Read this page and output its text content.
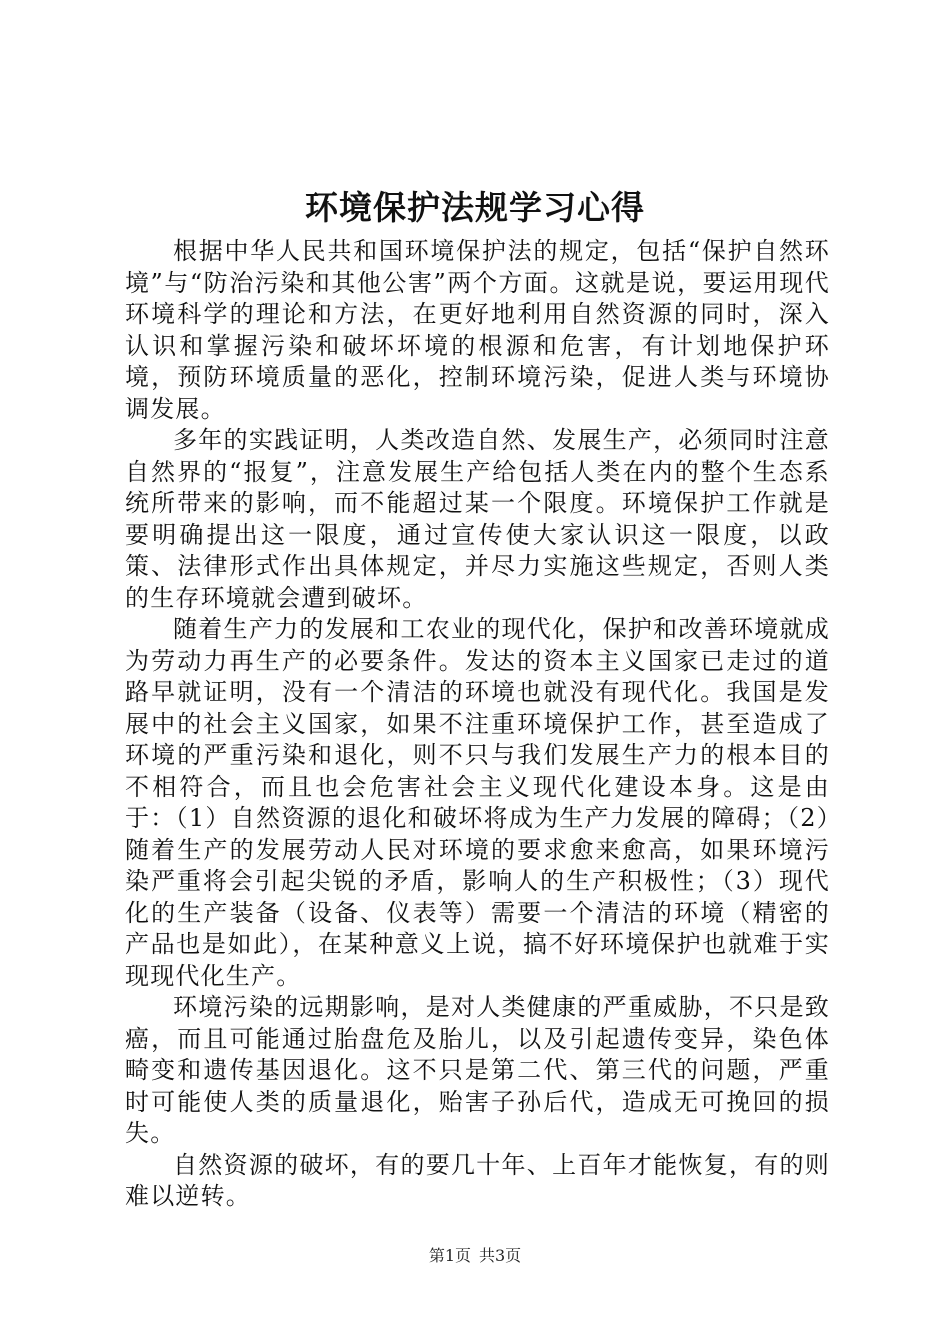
环境保护法规学习心得

根据中华人民共和国环境保护法的规定，包括“保护自然环境”与“防治污染和其他公害”两个方面。这就是说，要运用现代环境科学的理论和方法，在更好地利用自然资源的同时，深入认识和掌握污染和破坏坏境的根源和危害，有计划地保护环境，预防环境质量的恶化，控制环境污染，促进人类与环境协调发展。

多年的实践证明，人类改造自然、发展生产，必须同时注意自然界的“报复”，注意发展生产给包括人类在内的整个生态系统所带来的影响，而不能超过某一个限度。环境保护工作就是要明确提出这一限度，通过宣传使大家认识这一限度，以政策、法律形式作出具体规定，并尽力实施这些规定，否则人类的生存环境就会遭到破坏。

随着生产力的发展和工农业的现代化，保护和改善环境就成为劳动力再生产的必要条件。发达的资本主义国家已走过的道路早就证明，没有一个清洁的环境也就没有现代化。我国是发展中的社会主义国家，如果不注重环境保护工作，甚至造成了环境的严重污染和退化，则不只与我们发展生产力的根本目的不相符合，而且也会危害社会主义现代化建设本身。这是由于：（1）自然资源的退化和破坏将成为生产力发展的障碍；（2）随着生产的发展劳动人民对环境的要求愈来愈高，如果环境污染严重将会引起尖锐的矛盾，影响人的生产积极性；（3）现代化的生产装备（设备、仪表等）需要一个清洁的环境（精密的产品也是如此），在某种意义上说，搞不好环境保护也就难于实现现代化生产。

环境污染的远期影响，是对人类健康的严重威胁，不只是致癌，而且可能通过胎盘危及胎儿，以及引起遗传变异，染色体畸变和遗传基因退化。这不只是第二代、第三代的问题，严重时可能使人类的质量退化，贻害子孙后代，造成无可挽回的损失。

自然资源的破坏，有的要几十年、上百年才能恢复，有的则难以逆转。

第1页 共3页
